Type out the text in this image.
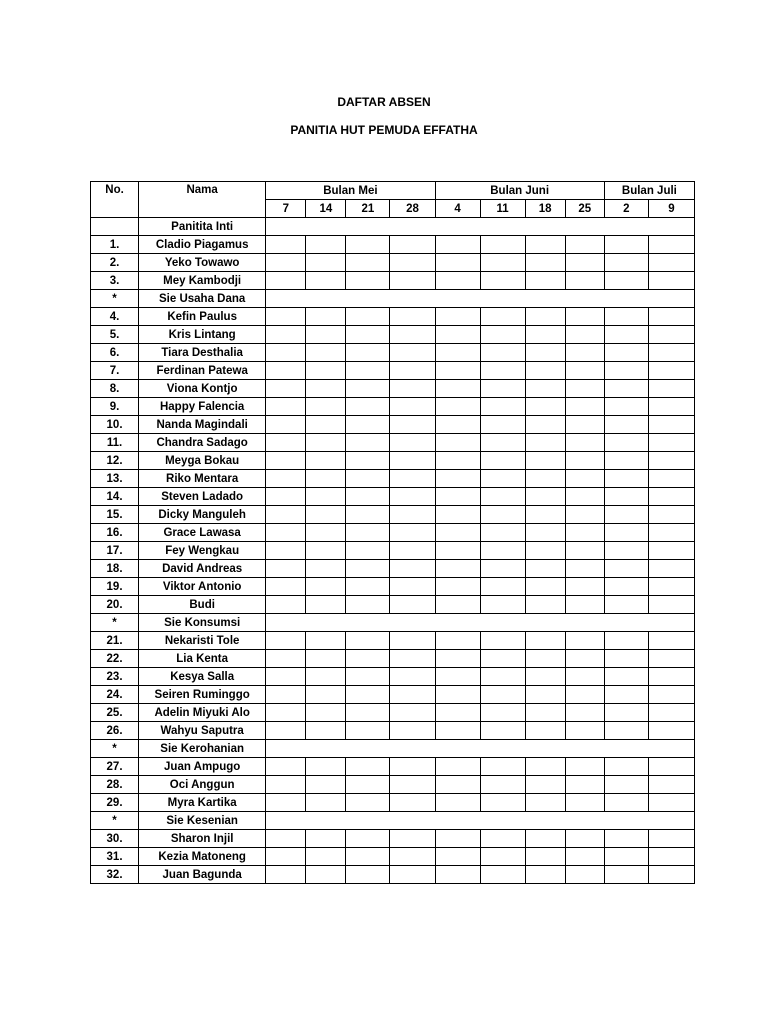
DAFTAR ABSEN
PANITIA HUT PEMUDA EFFATHA
No.	Nama	Bulan Mei				Bulan Juni				Bulan Juli	
		7	14	21	28	4	11	18	25	2	9
	Panitita Inti										
1.	Cladio Piagamus										
2.	Yeko Towawo										
3.	Mey Kambodji										
*	Sie Usaha Dana										
4.	Kefin Paulus										
5.	Kris Lintang										
6.	Tiara Desthalia										
7.	Ferdinan Patewa										
8.	Viona Kontjo										
9.	Happy Falencia										
10.	Nanda Magindali										
11.	Chandra Sadago										
12.	Meyga Bokau										
13.	Riko Mentara										
14.	Steven Ladado										
15.	Dicky Manguleh										
16.	Grace Lawasa										
17.	Fey Wengkau										
18.	David Andreas										
19.	Viktor Antonio										
20.	Budi										
*	Sie Konsumsi										
21.	Nekaristi Tole										
22.	Lia Kenta										
23.	Kesya Salla										
24.	Seiren Ruminggo										
25.	Adelin Miyuki Alo										
26.	Wahyu Saputra										
*	Sie Kerohanian										
27.	Juan Ampugo										
28.	Oci Anggun										
29.	Myra Kartika										
*	Sie Kesenian										
30.	Sharon Injil										
31.	Kezia Matoneng										
32.	Juan Bagunda										
